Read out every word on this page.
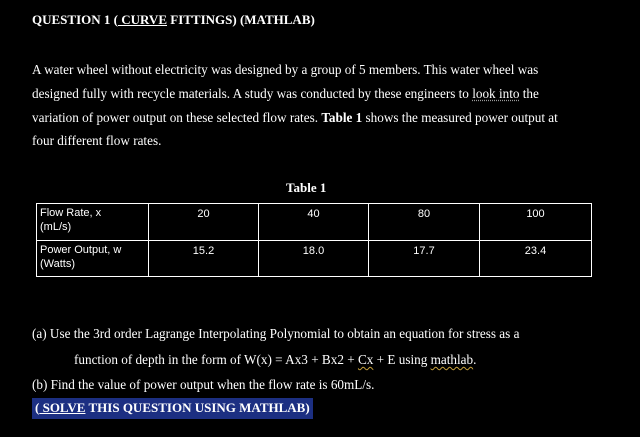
QUESTION 1 ( CURVE FITTINGS) (MATHLAB)
A water wheel without electricity was designed by a group of 5 members. This water wheel was
designed fully with recycle materials. A study was conducted by these engineers to look into the
variation of power output on these selected flow rates. Table 1 shows the measured power output at
four different flow rates.
Table 1
Flow Rate, x
(mL/s)	20	40	80	100

Power Output, w
(Watts)	15.2	18.0	17.7	23.4
(a) Use the 3rd order Lagrange Interpolating Polynomial to obtain an equation for stress as a
function of depth in the form of W(x) = Ax3 + Bx2 + Cx + E using mathlab.
(b) Find the value of power output when the flow rate is 60mL/s.
( SOLVE THIS QUESTION USING MATHLAB)
